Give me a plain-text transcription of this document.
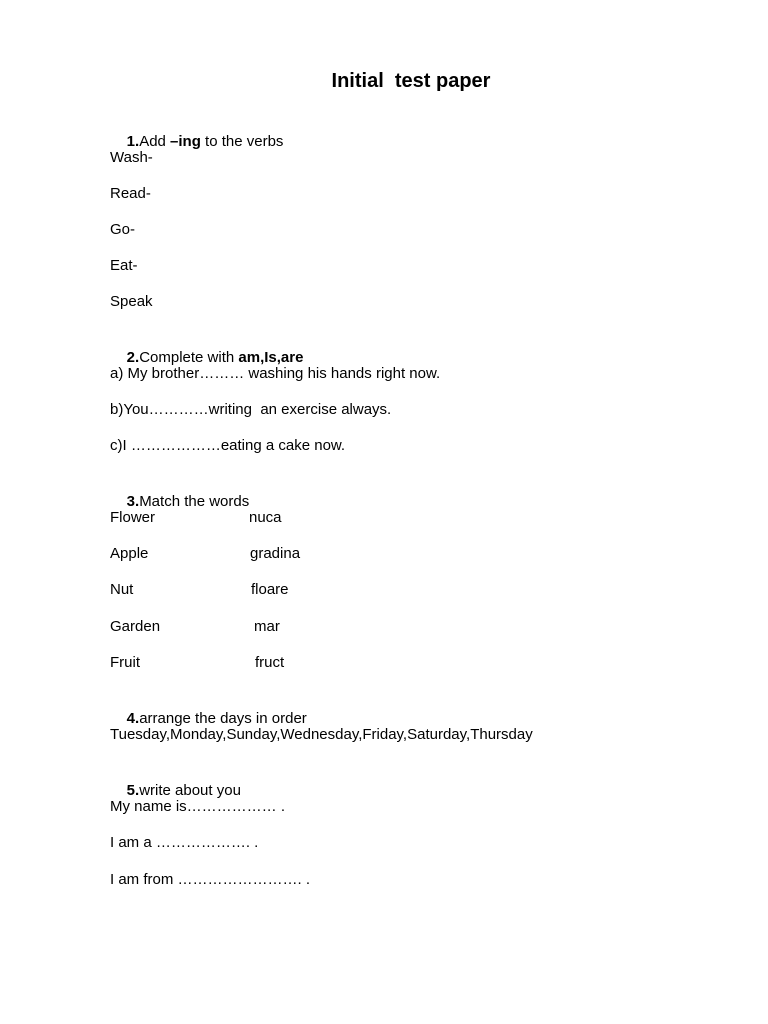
Initial  test paper

1.Add –ing to the verbs

Wash-
Read-
Go-
Eat-
Speak

2.Complete with am,Is,are

a) My brother……… washing his hands right now.
b)You…………writing  an exercise always.
c)I ………………eating a cake now.

3.Match the words

Flower	nuca
Apple	gradina
Nut	floare
Garden	mar
Fruit	fruct

4.arrange the days in order

Tuesday,Monday,Sunday,Wednesday,Friday,Saturday,Thursday

5.write about you

My name is……………… .
I am a ………………. .
I am from ……………………. .
